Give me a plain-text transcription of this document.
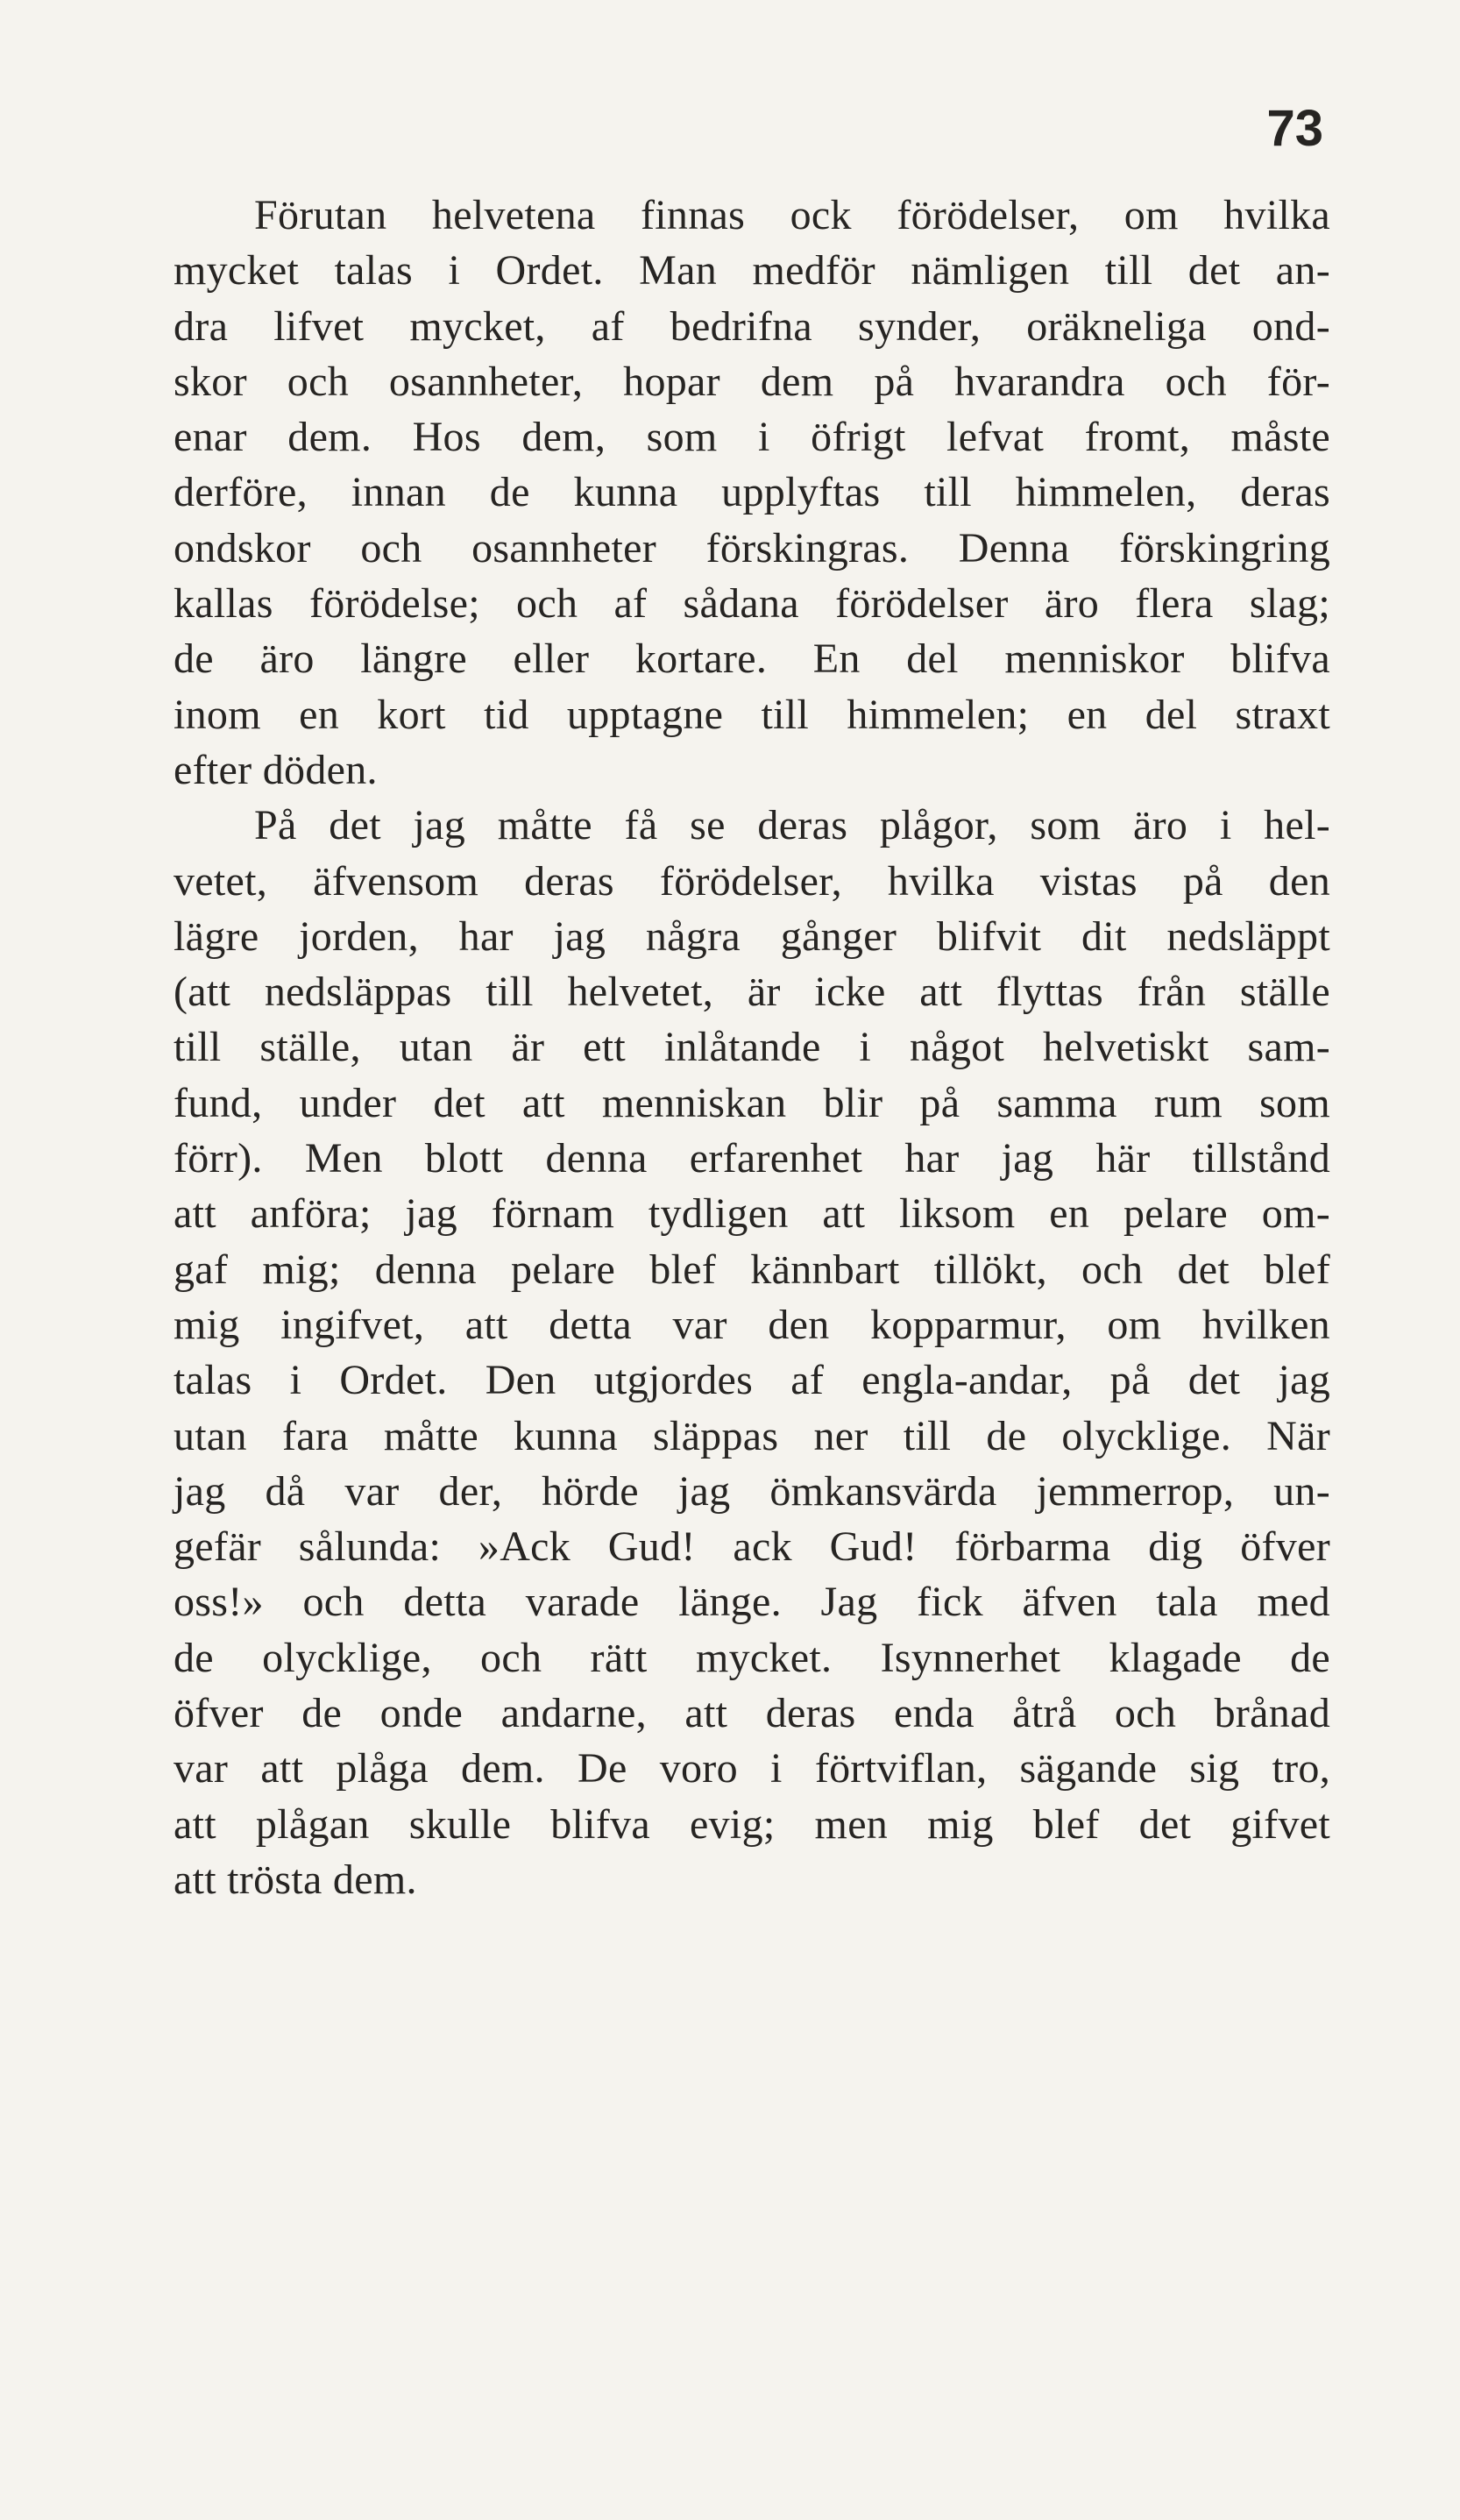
73

Förutan helvetena finnas ock förödelser, om hvilka
mycket talas i Ordet. Man medför nämligen till det an-
dra lifvet mycket, af bedrifna synder, oräkneliga ond-
skor och osannheter, hopar dem på hvarandra och för-
enar dem. Hos dem, som i öfrigt lefvat fromt, måste
derföre, innan de kunna upplyftas till himmelen, deras
ondskor och osannheter förskingras. Denna förskingring
kallas förödelse; och af sådana förödelser äro flera slag;
de äro längre eller kortare. En del menniskor blifva
inom en kort tid upptagne till himmelen; en del straxt
efter döden.

På det jag måtte få se deras plågor, som äro i hel-
vetet, äfvensom deras förödelser, hvilka vistas på den
lägre jorden, har jag några gånger blifvit dit nedsläppt
(att nedsläppas till helvetet, är icke att flyttas från ställe
till ställe, utan är ett inlåtande i något helvetiskt sam-
fund, under det att menniskan blir på samma rum som
förr). Men blott denna erfarenhet har jag här tillstånd
att anföra; jag förnam tydligen att liksom en pelare om-
gaf mig; denna pelare blef kännbart tillökt, och det blef
mig ingifvet, att detta var den kopparmur, om hvilken
talas i Ordet. Den utgjordes af engla-andar, på det jag
utan fara måtte kunna släppas ner till de olycklige. När
jag då var der, hörde jag ömkansvärda jemmerrop, un-
gefär sålunda: »Ack Gud! ack Gud! förbarma dig öfver
oss!» och detta varade länge. Jag fick äfven tala med
de olycklige, och rätt mycket. Isynnerhet klagade de
öfver de onde andarne, att deras enda åtrå och brånad
var att plåga dem. De voro i förtviflan, sägande sig tro,
att plågan skulle blifva evig; men mig blef det gifvet
att trösta dem.
